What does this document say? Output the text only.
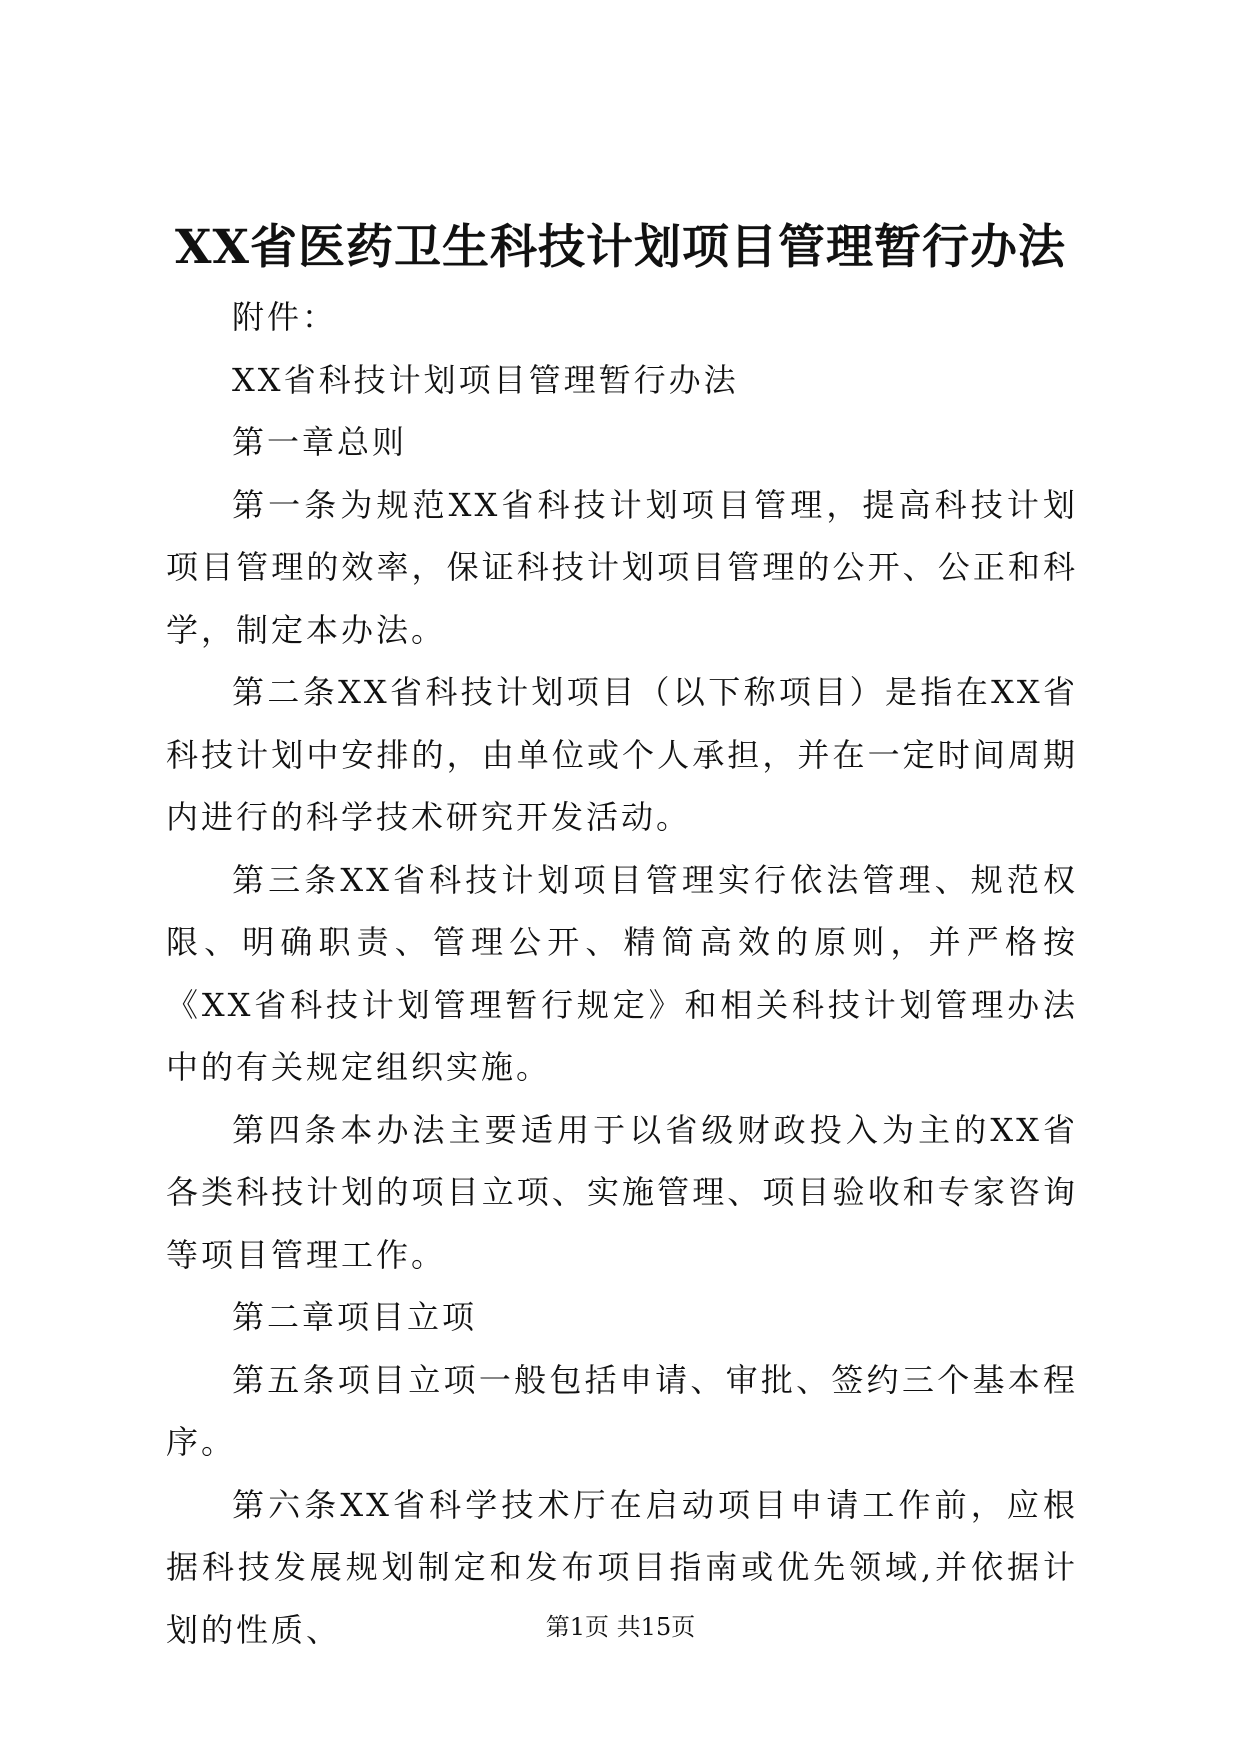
XX省医药卫生科技计划项目管理暂行办法

附件：

XX省科技计划项目管理暂行办法

第一章总则

第一条为规范XX省科技计划项目管理，提高科技计划项目管理的效率，保证科技计划项目管理的公开、公正和科学，制定本办法。

第二条XX省科技计划项目（以下称项目）是指在XX省科技计划中安排的，由单位或个人承担，并在一定时间周期内进行的科学技术研究开发活动。

第三条XX省科技计划项目管理实行依法管理、规范权限、明确职责、管理公开、精简高效的原则，并严格按《XX省科技计划管理暂行规定》和相关科技计划管理办法中的有关规定组织实施。

第四条本办法主要适用于以省级财政投入为主的XX省各类科技计划的项目立项、实施管理、项目验收和专家咨询等项目管理工作。

第二章项目立项

第五条项目立项一般包括申请、审批、签约三个基本程序。

第六条XX省科学技术厅在启动项目申请工作前，应根据科技发展规划制定和发布项目指南或优先领域,并依据计划的性质、	第1页 共15页
